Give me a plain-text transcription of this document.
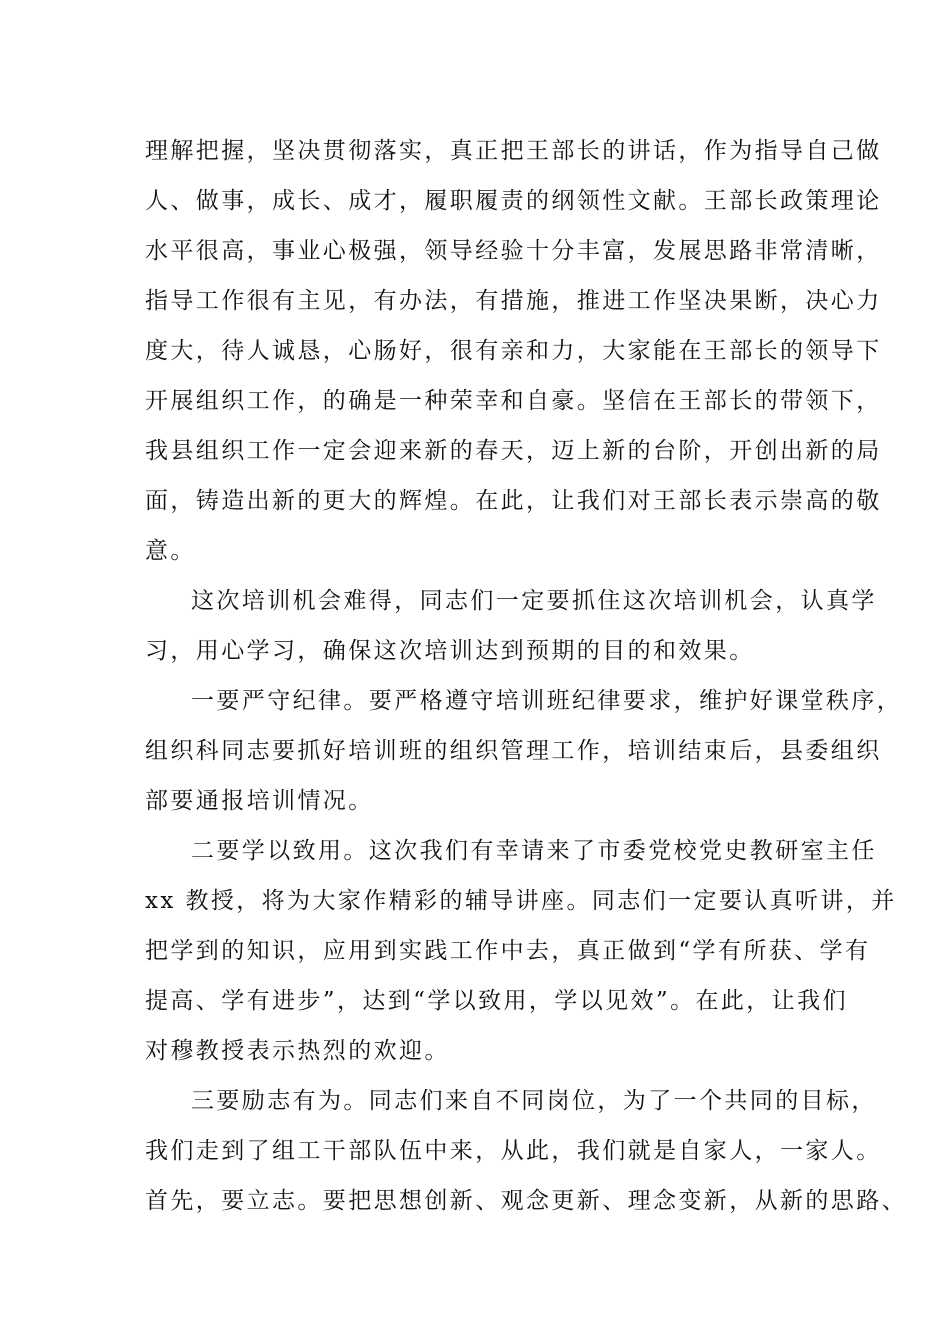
理解把握，坚决贯彻落实，真正把王部长的讲话，作为指导自己做
人、做事，成长、成才，履职履责的纲领性文献。王部长政策理论
水平很高，事业心极强，领导经验十分丰富，发展思路非常清晰，
指导工作很有主见，有办法，有措施，推进工作坚决果断，决心力
度大，待人诚恳，心肠好，很有亲和力，大家能在王部长的领导下
开展组织工作，的确是一种荣幸和自豪。坚信在王部长的带领下，
我县组织工作一定会迎来新的春天，迈上新的台阶，开创出新的局
面，铸造出新的更大的辉煌。在此，让我们对王部长表示崇高的敬
意。
这次培训机会难得，同志们一定要抓住这次培训机会，认真学
习，用心学习，确保这次培训达到预期的目的和效果。
一要严守纪律。要严格遵守培训班纪律要求，维护好课堂秩序，
组织科同志要抓好培训班的组织管理工作，培训结束后，县委组织
部要通报培训情况。
二要学以致用。这次我们有幸请来了市委党校党史教研室主任
xx 教授，将为大家作精彩的辅导讲座。同志们一定要认真听讲，并
把学到的知识，应用到实践工作中去，真正做到“学有所获、学有
提高、学有进步”，达到“学以致用，学以见效”。在此，让我们
对穆教授表示热烈的欢迎。
三要励志有为。同志们来自不同岗位，为了一个共同的目标，
我们走到了组工干部队伍中来，从此，我们就是自家人，一家人。
首先，要立志。要把思想创新、观念更新、理念变新，从新的思路、
